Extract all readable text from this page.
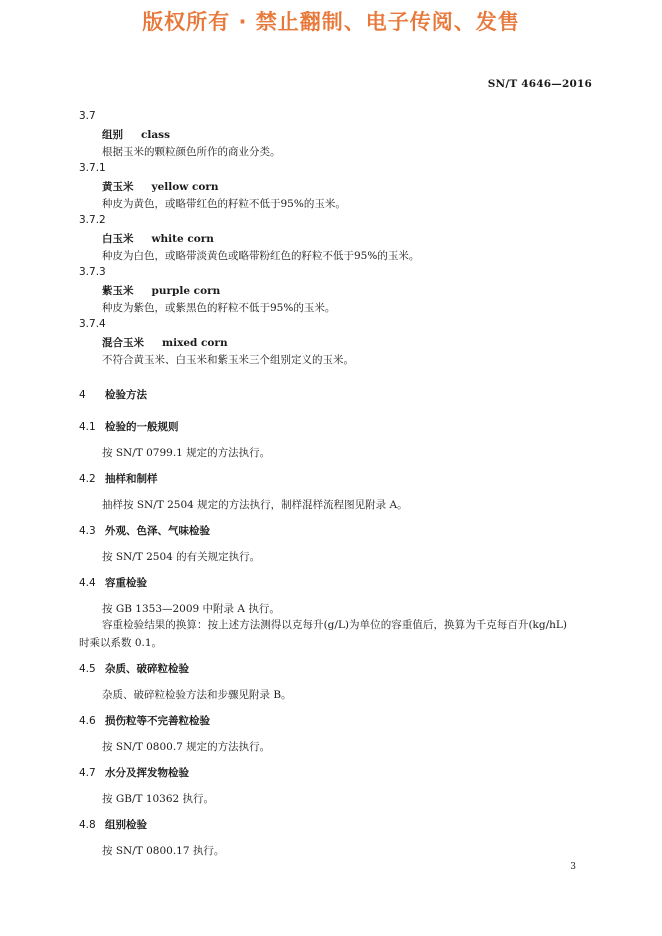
版权所有 · 禁止翻制、电子传阅、发售
SN/T 4646—2016
3.7
组别 class
根据玉米的颗粒颜色所作的商业分类。
3.7.1
黄玉米 yellow corn
种皮为黄色，或略带红色的籽粒不低于95%的玉米。
3.7.2
白玉米 white corn
种皮为白色，或略带淡黄色或略带粉红色的籽粒不低于95%的玉米。
3.7.3
紫玉米 purple corn
种皮为紫色，或紫黑色的籽粒不低于95%的玉米。
3.7.4
混合玉米 mixed corn
不符合黄玉米、白玉米和紫玉米三个组别定义的玉米。
4 检验方法
4.1 检验的一般规则
按 SN/T 0799.1 规定的方法执行。
4.2 抽样和制样
抽样按 SN/T 2504 规定的方法执行，制样混样流程图见附录 A。
4.3 外观、色泽、气味检验
按 SN/T 2504 的有关规定执行。
4.4 容重检验
按 GB 1353—2009 中附录 A 执行。
容重检验结果的换算：按上述方法测得以克每升(g/L)为单位的容重值后，换算为千克每百升(kg/hL)时乘以系数 0.1。
4.5 杂质、破碎粒检验
杂质、破碎粒检验方法和步骤见附录 B。
4.6 损伤粒等不完善粒检验
按 SN/T 0800.7 规定的方法执行。
4.7 水分及挥发物检验
按 GB/T 10362 执行。
4.8 组别检验
按 SN/T 0800.17 执行。
3
